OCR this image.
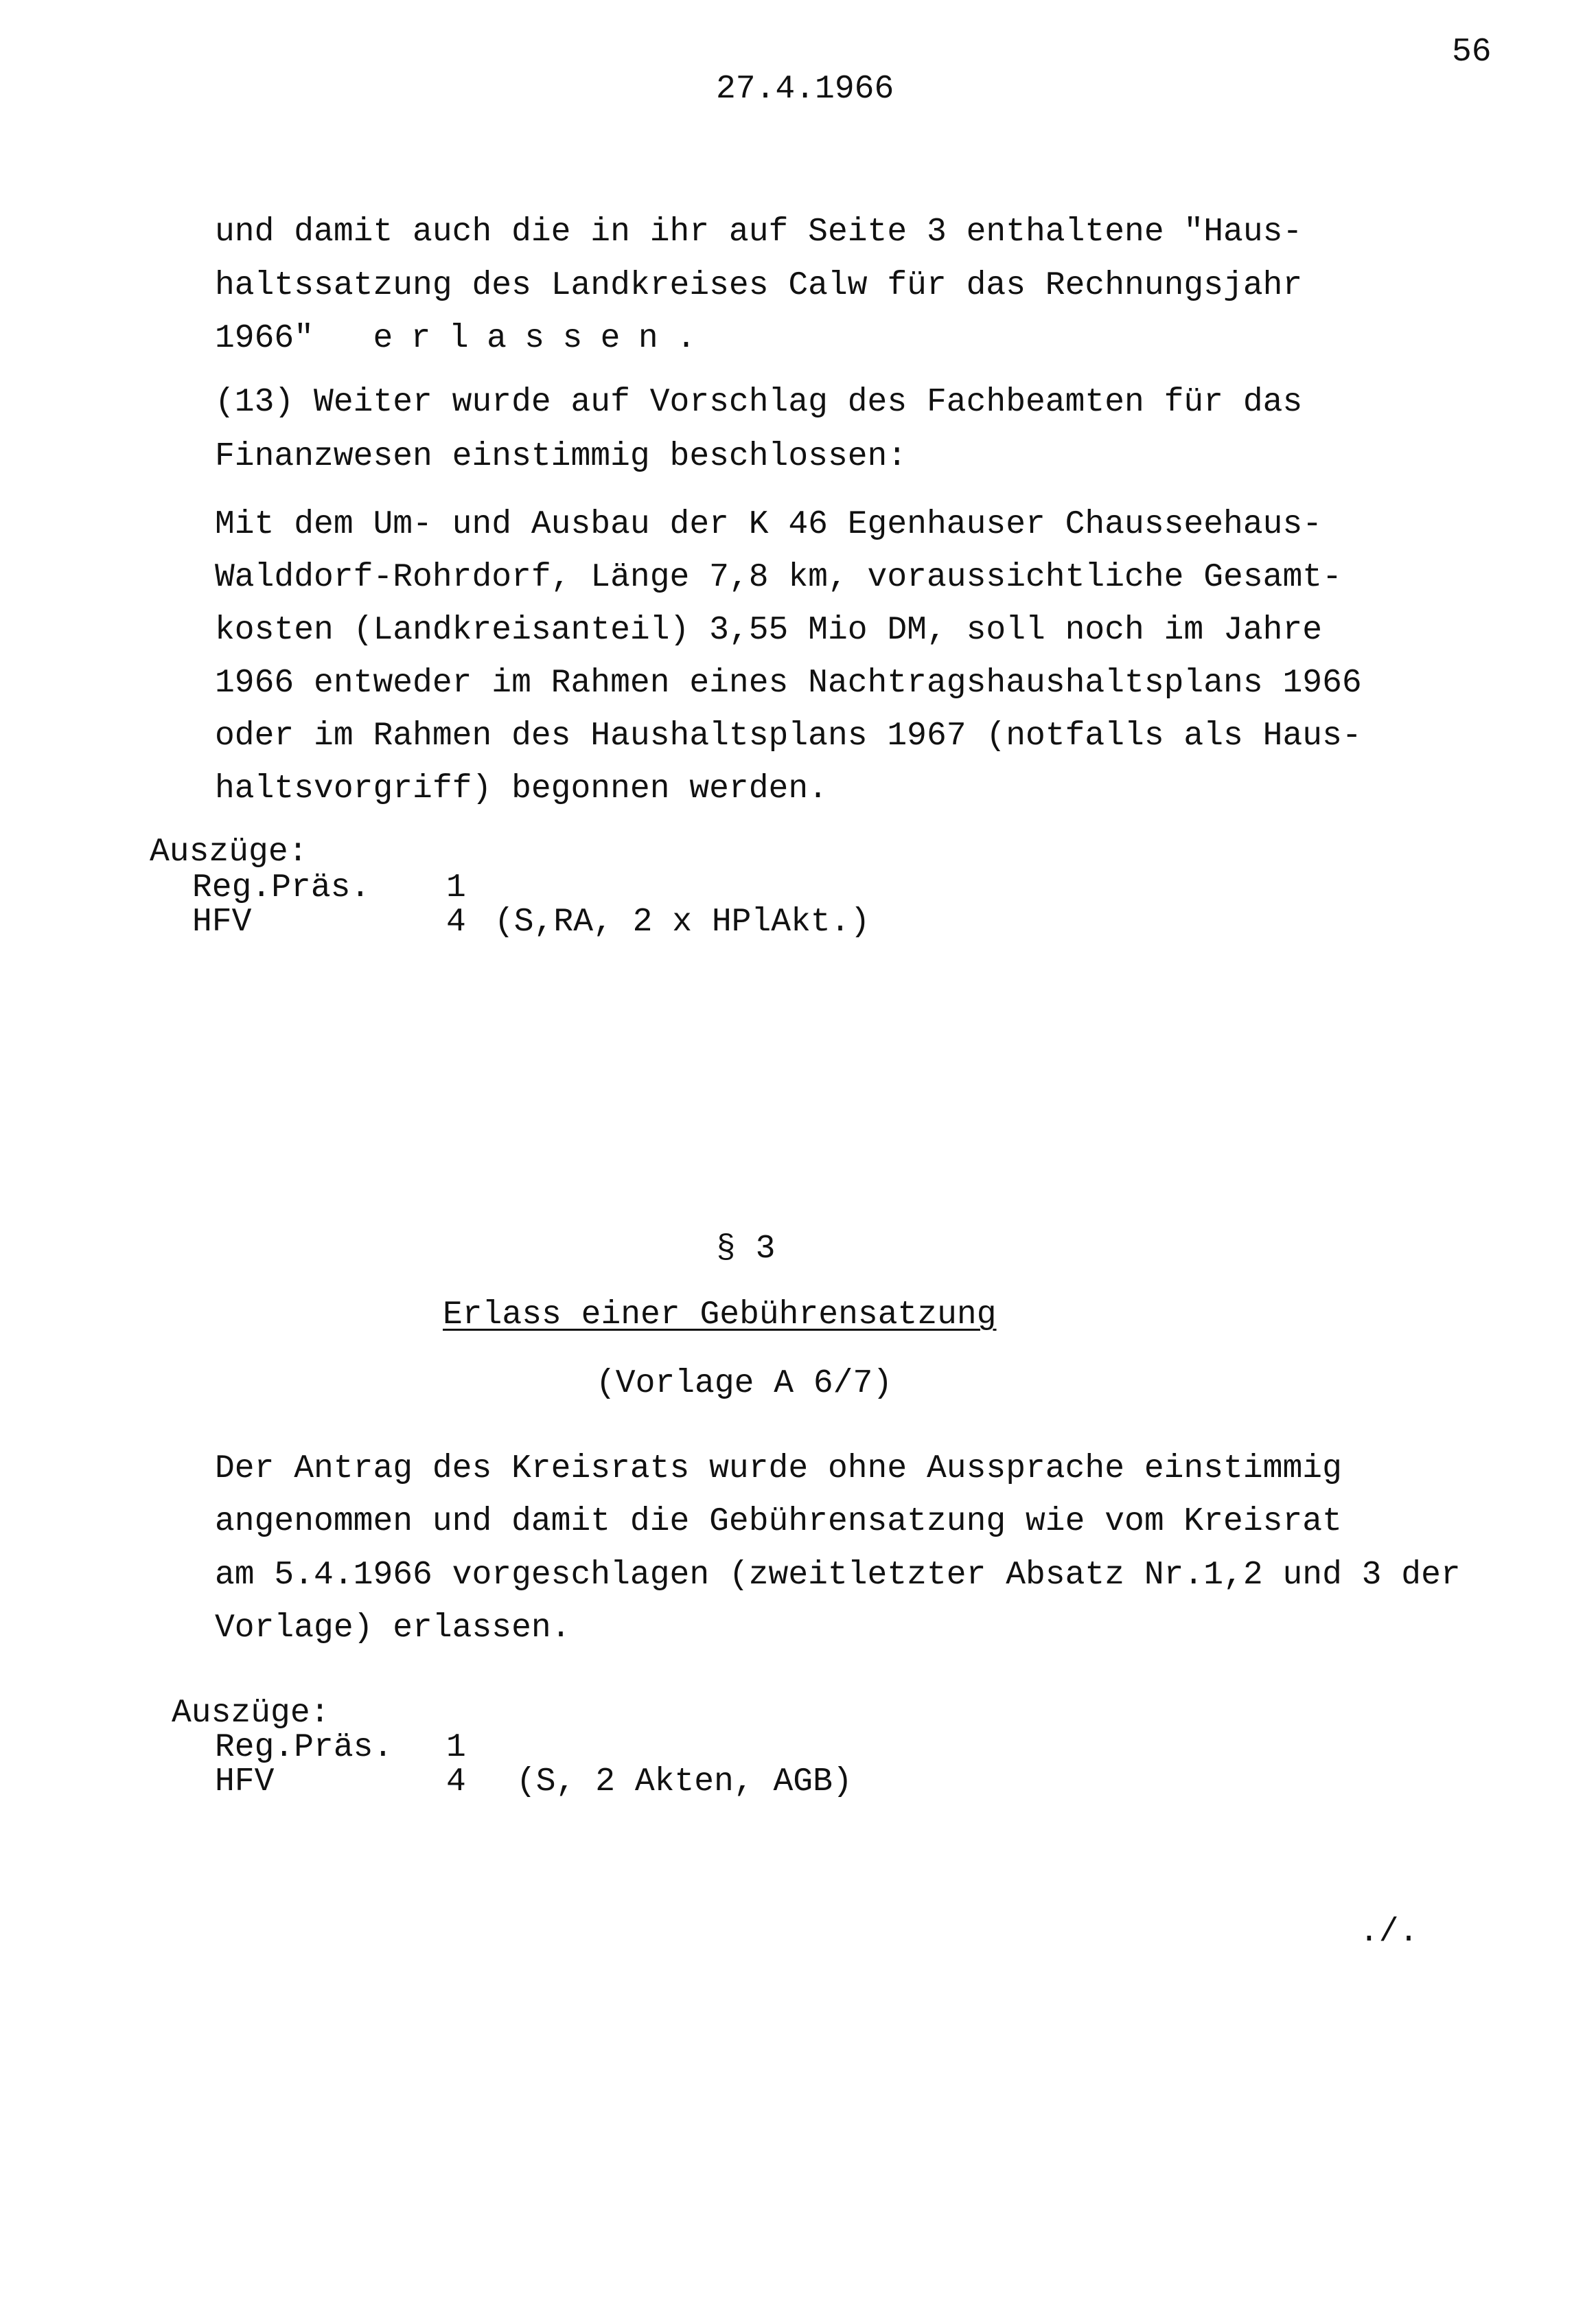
56
27.4.1966
und damit auch die in ihr auf Seite 3 enthaltene "Haus-
haltssatzung des Landkreises Calw für das Rechnungsjahr
1966" erlassen.
(13) Weiter wurde auf Vorschlag des Fachbeamten für das
Finanzwesen einstimmig beschlossen:
Mit dem Um- und Ausbau der K 46 Egenhauser Chausseehaus-
Walddorf-Rohrdorf, Länge 7,8 km, voraussichtliche Gesamt-
kosten (Landkreisanteil) 3,55 Mio DM, soll noch im Jahre
1966 entweder im Rahmen eines Nachtragshaushaltsplans 1966
oder im Rahmen des Haushaltsplans 1967 (notfalls als Haus-
haltsvorgriff) begonnen werden.
Auszüge:
Reg.Präs. 1
HFV	4 (S,RA, 2 x HPlAkt.)
§ 3
Erlass einer Gebührensatzung
(Vorlage A 6/7)
Der Antrag des Kreisrats wurde ohne Aussprache einstimmig
angenommen und damit die Gebührensatzung wie vom Kreisrat
am 5.4.1966 vorgeschlagen (zweitletzter Absatz Nr.1,2 und 3 der
Vorlage) erlassen.
Auszüge:
Reg.Präs. 1
HFV	4 (S, 2 Akten, AGB)
./.
